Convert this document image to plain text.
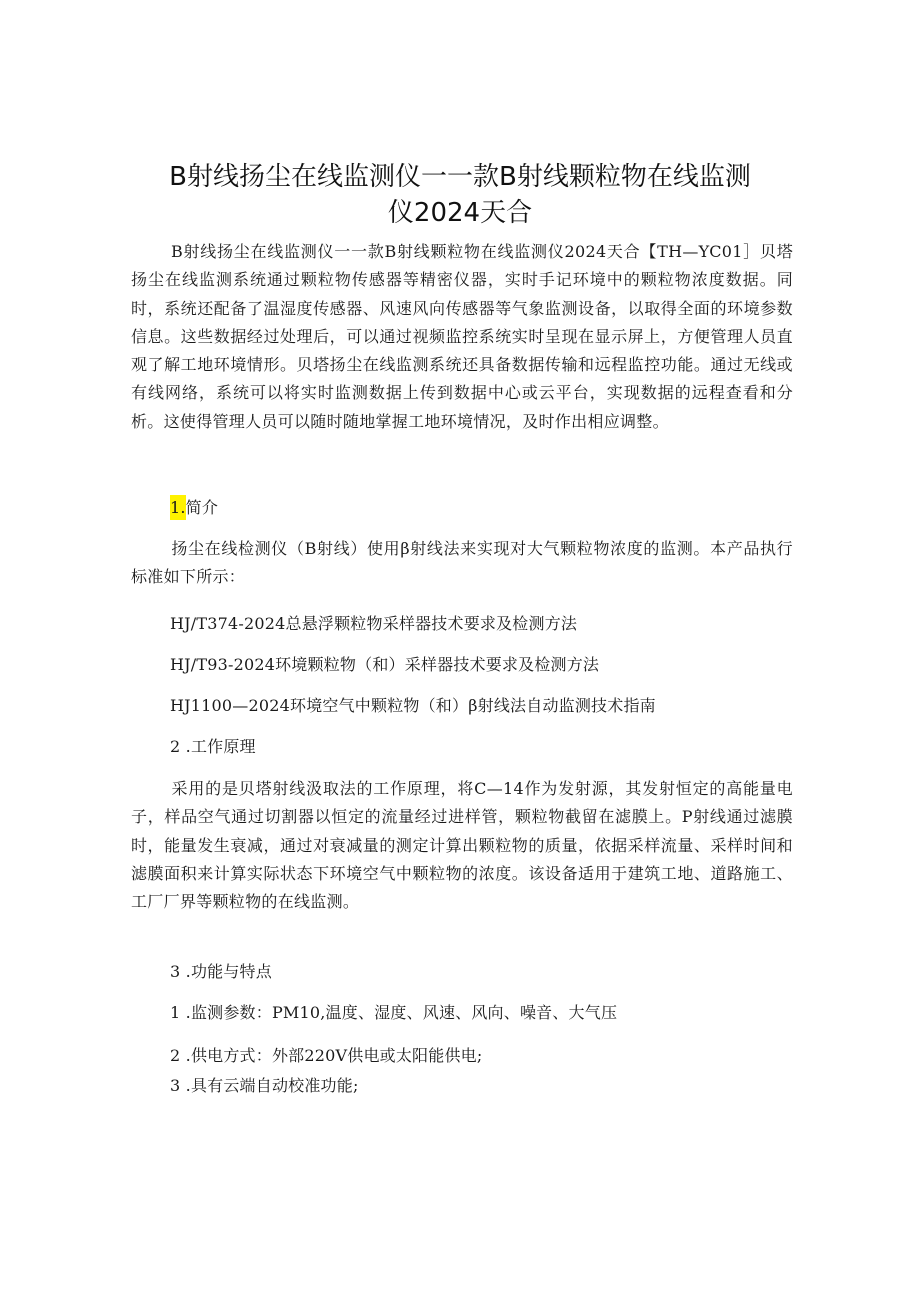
B射线扬尘在线监测仪一一款B射线颗粒物在线监测
仪2024天合

B射线扬尘在线监测仪一一款B射线颗粒物在线监测仪2024天合【TH—YC01］贝塔扬尘在线监测系统通过颗粒物传感器等精密仪器，实时手记环境中的颗粒物浓度数据。同时，系统还配备了温湿度传感器、风速风向传感器等气象监测设备，以取得全面的环境参数信息。这些数据经过处理后，可以通过视频监控系统实时呈现在显示屏上，方便管理人员直观了解工地环境情形。贝塔扬尘在线监测系统还具备数据传输和远程监控功能。通过无线或有线网络，系统可以将实时监测数据上传到数据中心或云平台，实现数据的远程查看和分析。这使得管理人员可以随时随地掌握工地环境情况，及时作出相应调整。

1.简介

扬尘在线检测仪（B射线）使用β射线法来实现对大气颗粒物浓度的监测。本产品执行标准如下所示：

HJ/T374-2024总悬浮颗粒物采样器技术要求及检测方法

HJ/T93-2024环境颗粒物（和）采样器技术要求及检测方法

HJ1100—2024环境空气中颗粒物（和）β射线法自动监测技术指南

2 .工作原理

采用的是贝塔射线汲取法的工作原理，将C—14作为发射源，其发射恒定的高能量电子，样品空气通过切割器以恒定的流量经过进样管，颗粒物截留在滤膜上。P射线通过滤膜时，能量发生衰减，通过对衰减量的测定计算出颗粒物的质量，依据采样流量、采样时间和滤膜面积来计算实际状态下环境空气中颗粒物的浓度。该设备适用于建筑工地、道路施工、工厂厂界等颗粒物的在线监测。

3 .功能与特点

1 .监测参数：PM10,温度、湿度、风速、风向、噪音、大气压

2 .供电方式：外部220V供电或太阳能供电;

3 .具有云端自动校准功能;
